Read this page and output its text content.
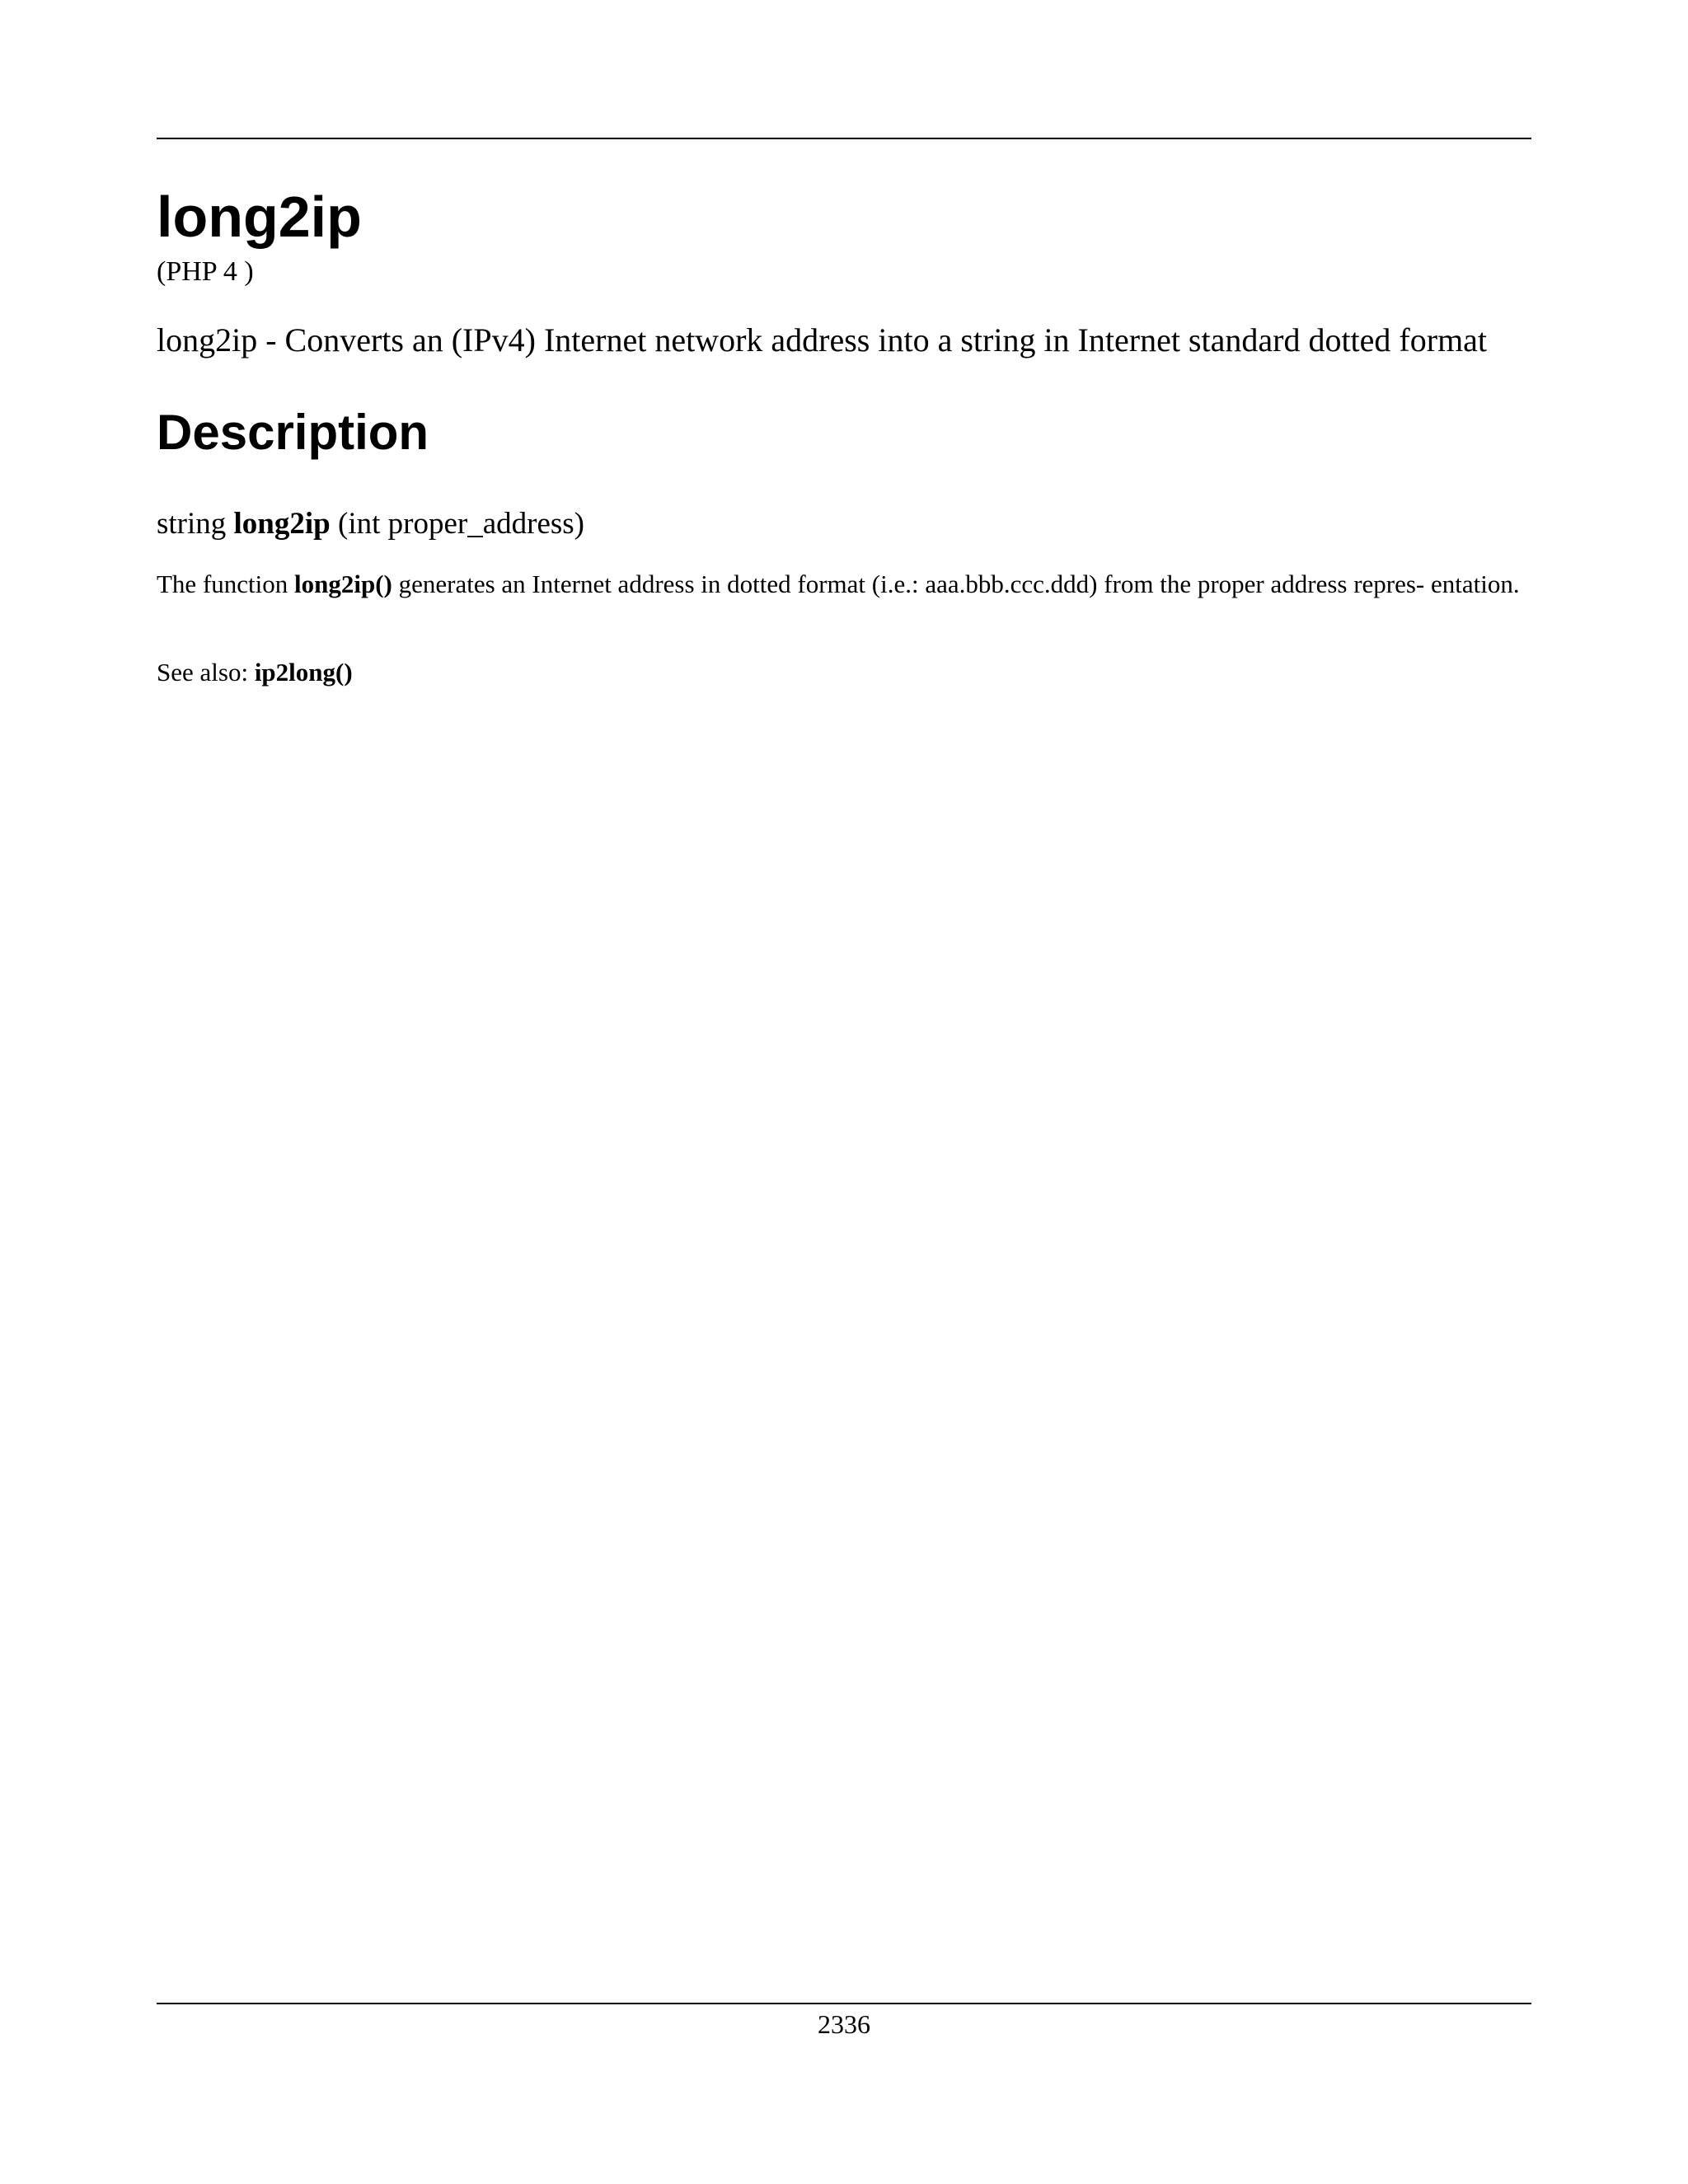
long2ip
(PHP 4 )
long2ip - Converts an (IPv4) Internet network address into a string in Internet standard dotted format
Description
string long2ip (int proper_address)

The function long2ip() generates an Internet address in dotted format (i.e.: aaa.bbb.ccc.ddd) from the proper address repres- entation.

See also: ip2long()
2336
